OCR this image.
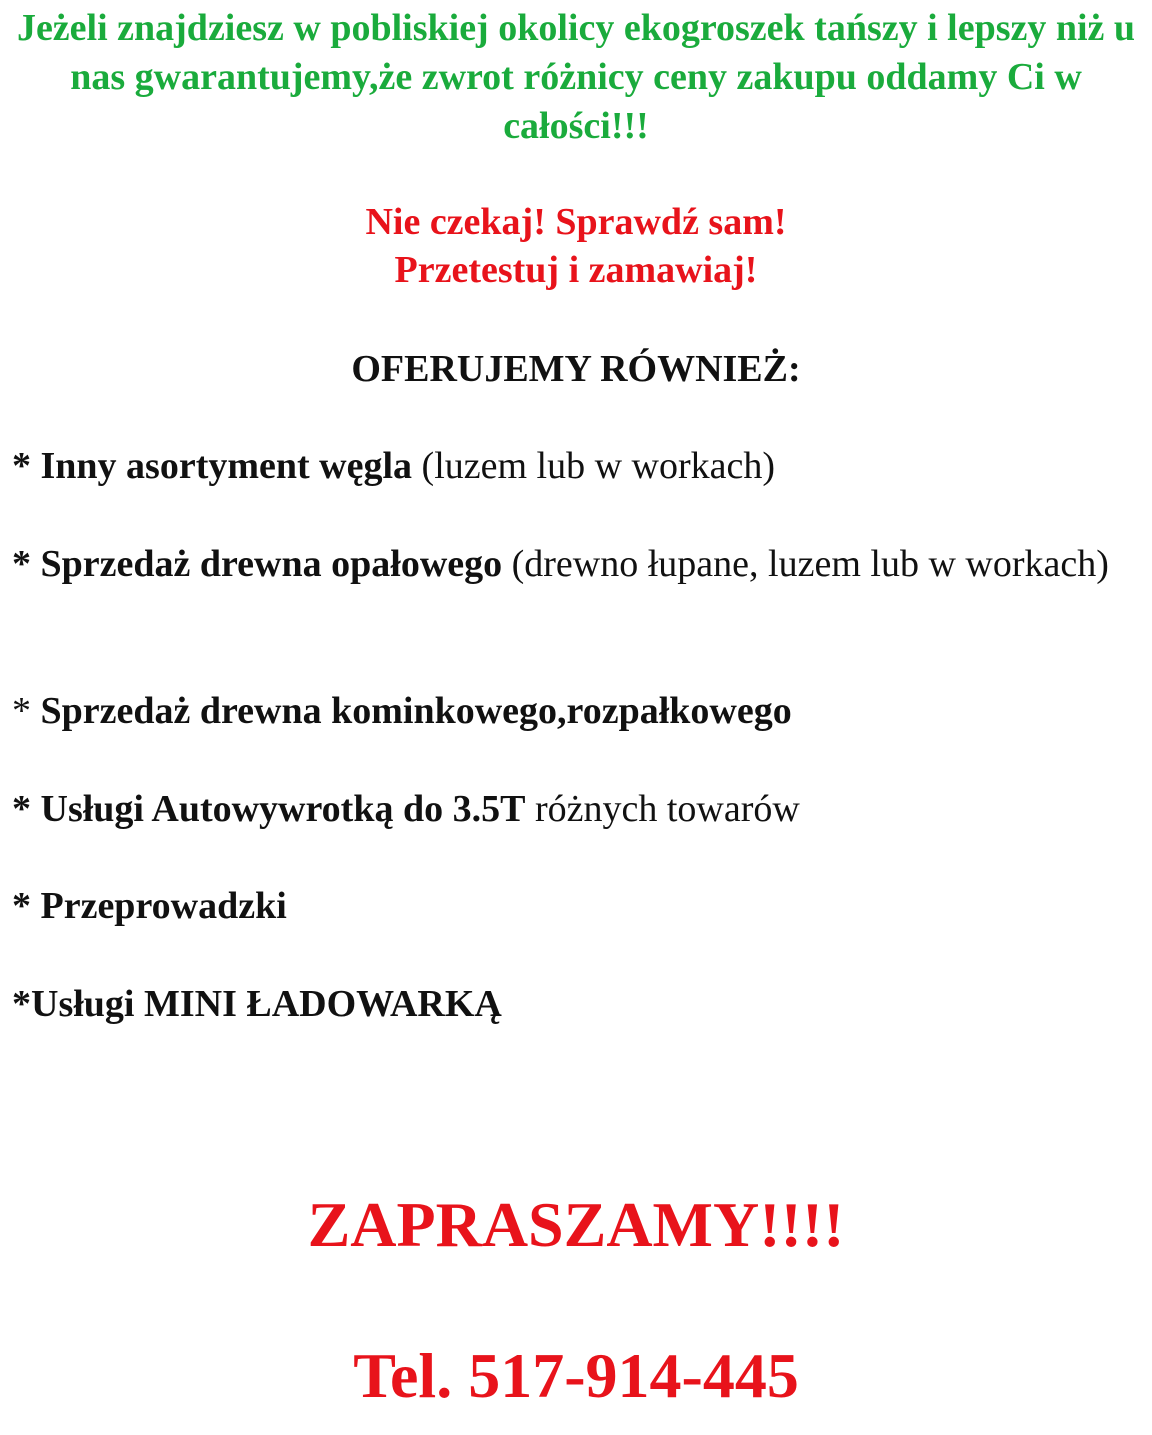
Jeżeli znajdziesz w pobliskiej okolicy ekogroszek tańszy i lepszy niż u nas gwarantujemy,że zwrot różnicy ceny zakupu oddamy Ci w całości!!!

Nie czekaj! Sprawdź sam!

Przetestuj i zamawiaj!

OFERUJEMY RÓWNIEŻ:

* Inny asortyment węgla (luzem lub w workach)

* Sprzedaż drewna opałowego (drewno łupane, luzem lub w workach)

* Sprzedaż drewna kominkowego,rozpałkowego

* Usługi Autowywrotką do 3.5T różnych towarów

* Przeprowadzki

*Usługi MINI ŁADOWARKĄ

ZAPRASZAMY!!!!

Tel. 517-914-445
